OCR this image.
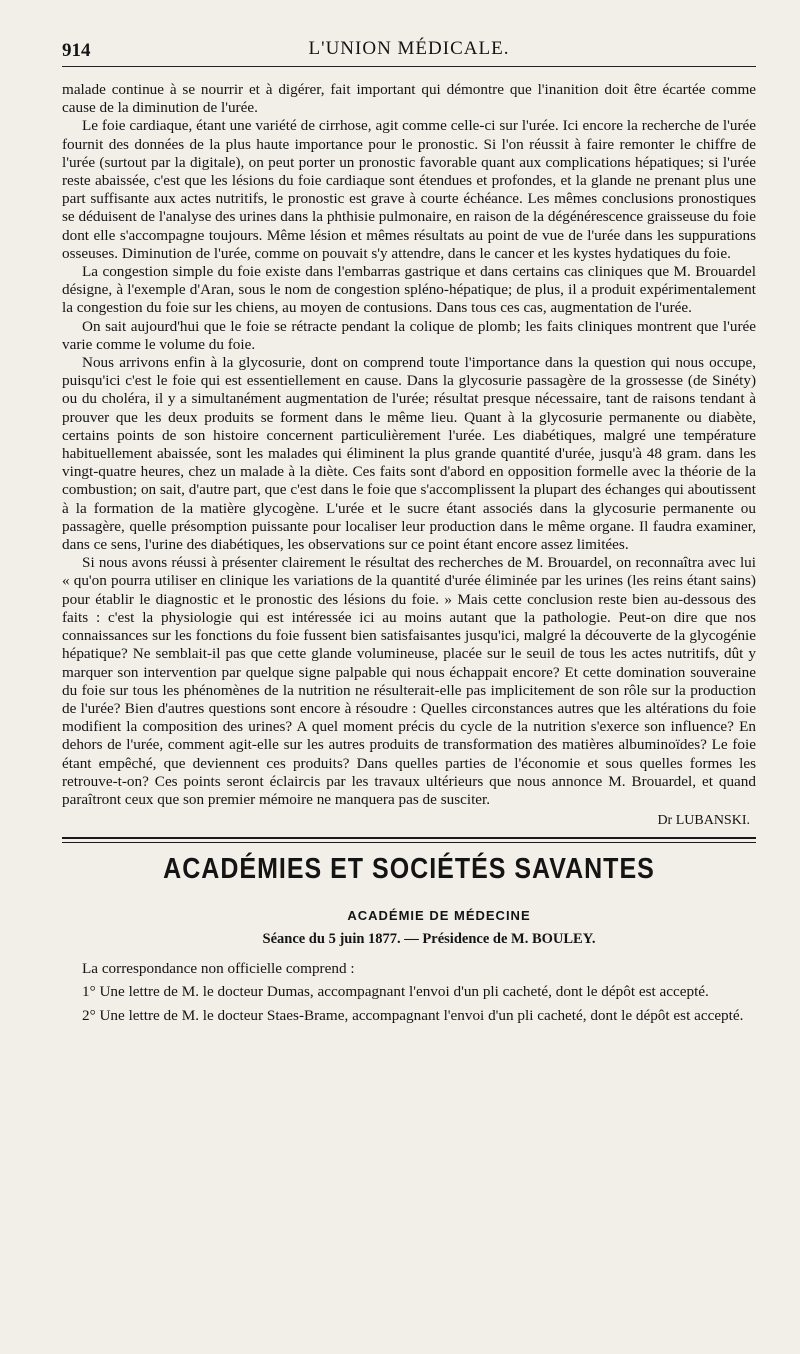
914	L'UNION MÉDICALE.

malade continue à se nourrir et à digérer, fait important qui démontre que l'inanition doit être écartée comme cause de la diminution de l'urée.

Le foie cardiaque, étant une variété de cirrhose, agit comme celle-ci sur l'urée. Ici encore la recherche de l'urée fournit des données de la plus haute importance pour le pronostic. Si l'on réussit à faire remonter le chiffre de l'urée (surtout par la digitale), on peut porter un pronostic favorable quant aux complications hépatiques; si l'urée reste abaissée, c'est que les lésions du foie cardiaque sont étendues et profondes, et la glande ne prenant plus une part suffisante aux actes nutritifs, le pronostic est grave à courte échéance. Les mêmes conclusions pronostiques se déduisent de l'analyse des urines dans la phthisie pulmonaire, en raison de la dégénérescence graisseuse du foie dont elle s'accompagne toujours. Même lésion et mêmes résultats au point de vue de l'urée dans les suppurations osseuses. Diminution de l'urée, comme on pouvait s'y attendre, dans le cancer et les kystes hydatiques du foie.

La congestion simple du foie existe dans l'embarras gastrique et dans certains cas cliniques que M. Brouardel désigne, à l'exemple d'Aran, sous le nom de congestion spléno-hépatique; de plus, il a produit expérimentalement la congestion du foie sur les chiens, au moyen de contusions. Dans tous ces cas, augmentation de l'urée.

On sait aujourd'hui que le foie se rétracte pendant la colique de plomb; les faits cliniques montrent que l'urée varie comme le volume du foie.

Nous arrivons enfin à la glycosurie, dont on comprend toute l'importance dans la question qui nous occupe, puisqu'ici c'est le foie qui est essentiellement en cause. Dans la glycosurie passagère de la grossesse (de Sinéty) ou du choléra, il y a simultanément augmentation de l'urée; résultat presque nécessaire, tant de raisons tendant à prouver que les deux produits se forment dans le même lieu. Quant à la glycosurie permanente ou diabète, certains points de son histoire concernent particulièrement l'urée. Les diabétiques, malgré une température habituellement abaissée, sont les malades qui éliminent la plus grande quantité d'urée, jusqu'à 48 gram. dans les vingt-quatre heures, chez un malade à la diète. Ces faits sont d'abord en opposition formelle avec la théorie de la combustion; on sait, d'autre part, que c'est dans le foie que s'accomplissent la plupart des échanges qui aboutissent à la formation de la matière glycogène. L'urée et le sucre étant associés dans la glycosurie permanente ou passagère, quelle présomption puissante pour localiser leur production dans le même organe. Il faudra examiner, dans ce sens, l'urine des diabétiques, les observations sur ce point étant encore assez limitées.

Si nous avons réussi à présenter clairement le résultat des recherches de M. Brouardel, on reconnaîtra avec lui « qu'on pourra utiliser en clinique les variations de la quantité d'urée éliminée par les urines (les reins étant sains) pour établir le diagnostic et le pronostic des lésions du foie. » Mais cette conclusion reste bien au-dessous des faits : c'est la physiologie qui est intéressée ici au moins autant que la pathologie. Peut-on dire que nos connaissances sur les fonctions du foie fussent bien satisfaisantes jusqu'ici, malgré la découverte de la glycogénie hépatique? Ne semblait-il pas que cette glande volumineuse, placée sur le seuil de tous les actes nutritifs, dût y marquer son intervention par quelque signe palpable qui nous échappait encore? Et cette domination souveraine du foie sur tous les phénomènes de la nutrition ne résulterait-elle pas implicitement de son rôle sur la production de l'urée? Bien d'autres questions sont encore à résoudre : Quelles circonstances autres que les altérations du foie modifient la composition des urines? A quel moment précis du cycle de la nutrition s'exerce son influence? En dehors de l'urée, comment agit-elle sur les autres produits de transformation des matières albuminoïdes? Le foie étant empêché, que deviennent ces produits? Dans quelles parties de l'économie et sous quelles formes les retrouve-t-on? Ces points seront éclaircis par les travaux ultérieurs que nous annonce M. Brouardel, et quand paraîtront ceux que son premier mémoire ne manquera pas de susciter.

Dr LUBANSKI.
ACADÉMIES ET SOCIÉTÉS SAVANTES
ACADÉMIE DE MÉDECINE
Séance du 5 juin 1877. — Présidence de M. BOULEY.

La correspondance non officielle comprend :

1° Une lettre de M. le docteur Dumas, accompagnant l'envoi d'un pli cacheté, dont le dépôt est accepté.

2° Une lettre de M. le docteur Staes-Brame, accompagnant l'envoi d'un pli cacheté, dont le dépôt est accepté.
